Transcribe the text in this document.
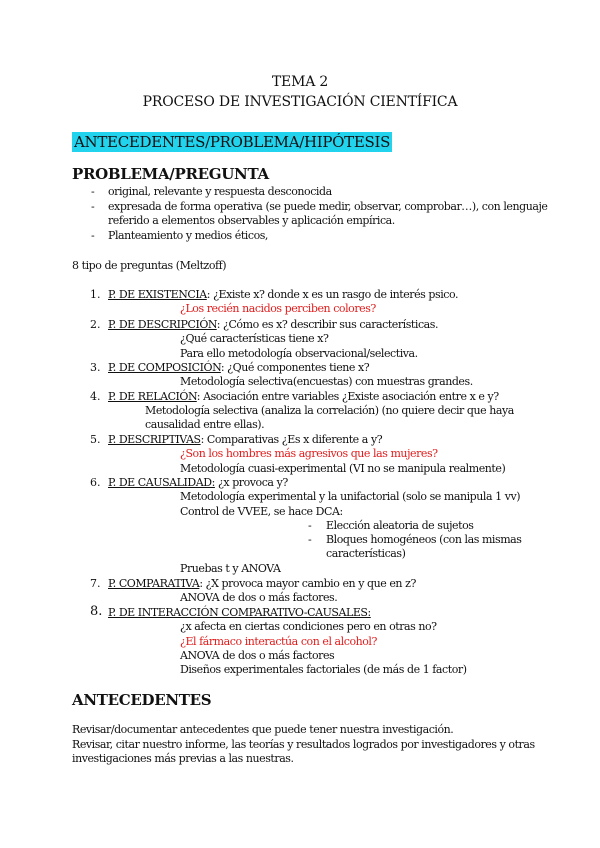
TEMA 2
PROCESO DE INVESTIGACIÓN CIENTÍFICA
ANTECEDENTES/PROBLEMA/HIPÓTESIS
PROBLEMA/PREGUNTA
- original, relevante y respuesta desconocida
- expresada de forma operativa (se puede medir, observar, comprobar…), con lenguaje
referido a elementos observables y aplicación empírica.
- Planteamiento y medios éticos,
8 tipo de preguntas (Meltzoff)
1. P. DE EXISTENCIA: ¿Existe x? donde x es un rasgo de interés psico.
¿Los recién nacidos perciben colores?
2. P. DE DESCRIPCIÓN: ¿Cómo es x? describir sus características.
¿Qué características tiene x?
Para ello metodología observacional/selectiva.
3. P. DE COMPOSICIÓN: ¿Qué componentes tiene x?
Metodología selectiva(encuestas) con muestras grandes.
4. P. DE RELACIÓN: Asociación entre variables ¿Existe asociación entre x e y?
Metodología selectiva (analiza la correlación) (no quiere decir que haya
causalidad entre ellas).
5. P. DESCRIPTIVAS: Comparativas ¿Es x diferente a y?
¿Son los hombres más agresivos que las mujeres?
Metodología cuasi-experimental (VI no se manipula realmente)
6. P. DE CAUSALIDAD: ¿x provoca y?
Metodología experimental y la unifactorial (solo se manipula 1 vv)
Control de VVEE, se hace DCA:
- Elección aleatoria de sujetos
- Bloques homogéneos (con las mismas
características)
Pruebas t y ANOVA
7. P. COMPARATIVA: ¿X provoca mayor cambio en y que en z?
ANOVA de dos o más factores.
8. P. DE INTERACCIÓN COMPARATIVO-CAUSALES:
¿x afecta en ciertas condiciones pero en otras no?
¿El fármaco interactúa con el alcohol?
ANOVA de dos o más factores
Diseños experimentales factoriales (de más de 1 factor)
ANTECEDENTES
Revisar/documentar antecedentes que puede tener nuestra investigación.
Revisar, citar nuestro informe, las teorías y resultados logrados por investigadores y otras
investigaciones más previas a las nuestras.
